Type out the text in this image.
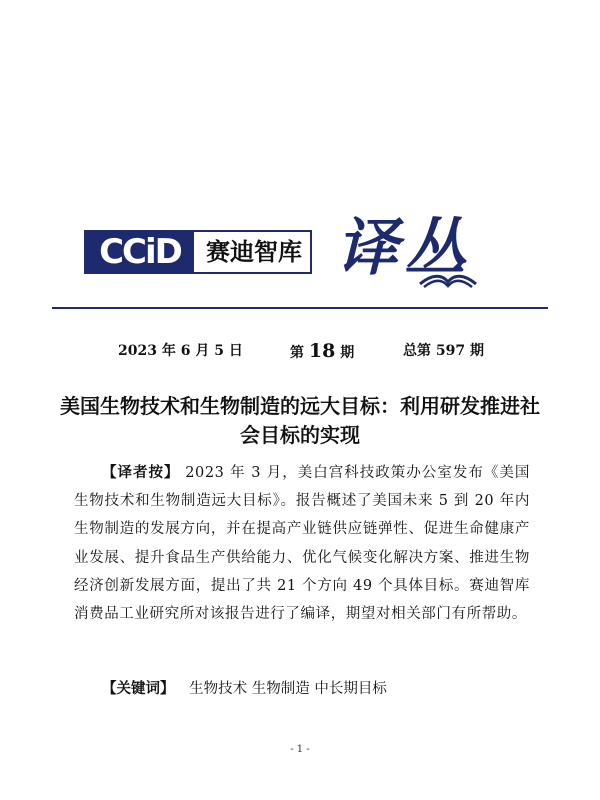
CCiD	赛迪智库 译丛
2023 年 6 月 5 日	第 18 期	总第 597 期
美国生物技术和生物制造的远大目标：利用研发推进社会目标的实现
【译者按】 2023 年 3 月，美白宫科技政策办公室发布《美国生物技术和生物制造远大目标》。报告概述了美国未来 5 到 20 年内生物制造的发展方向，并在提高产业链供应链弹性、促进生命健康产业发展、提升食品生产供给能力、优化气候变化解决方案、推进生物经济创新发展方面，提出了共 21 个方向 49 个具体目标。赛迪智库消费品工业研究所对该报告进行了编译，期望对相关部门有所帮助。
【关键词】 生物技术 生物制造 中长期目标
- 1 -
